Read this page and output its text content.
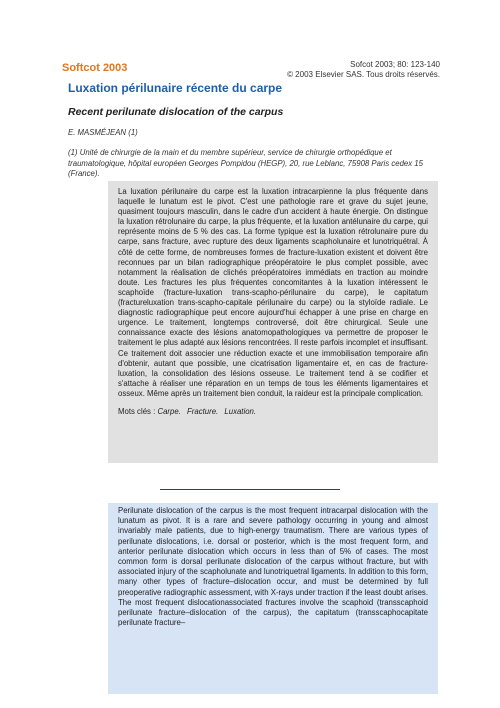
Softcot 2003	Sofcot 2003; 80: 123-140
© 2003 Elsevier SAS. Tous droits réservés.
Luxation périlunaire récente du carpe
Recent perilunate dislocation of the carpus
E. MASMÉJEAN (1)
(1) Unité de chirurgie de la main et du membre supérieur, service de chirurgie orthopédique et traumatologique, hôpital européen Georges Pompidou (HEGP), 20, rue Leblanc, 75908 Paris cedex 15 (France).

La luxation périlunaire du carpe est la luxation intracarpienne la plus fréquente dans laquelle le lunatum est le pivot. C'est une pathologie rare et grave du sujet jeune, quasiment toujours masculin, dans le cadre d'un accident à haute énergie. On distingue la luxation rétrolunaire du carpe, la plus fréquente, et la luxation antélunaire du carpe, qui représente moins de 5 % des cas. La forme typique est la luxation rétrolunaire pure du carpe, sans fracture, avec rupture des deux ligaments scapholunaire et lunotriquétral. À côté de cette forme, de nombreuses formes de fracture-luxation existent et doivent être reconnues par un bilan radiographique préopératoire le plus complet possible, avec notamment la réalisation de clichés préopératoires immédiats en traction au moindre doute. Les fractures les plus fréquentes concomitantes à la luxation intéressent le scaphoïde (fracture-luxation trans-scapho-périlunaire du carpe), le capitatum (fractureluxation trans-scapho-capitale périlunaire du carpe) ou la styloïde radiale. Le diagnostic radiographique peut encore aujourd'hui échapper à une prise en charge en urgence. Le traitement, longtemps controversé, doit être chirurgical. Seule une connaissance exacte des lésions anatomopathologiques va permettre de proposer le traitement le plus adapté aux lésions rencontrées. Il reste parfois incomplet et insuffisant. Ce traitement doit associer une réduction exacte et une immobilisation temporaire afin d'obtenir, autant que possible, une cicatrisation ligamentaire et, en cas de fracture-luxation, la consolidation des lésions osseuse. Le traitement tend à se codifier et s'attache à réaliser une réparation en un temps de tous les éléments ligamentaires et osseux. Même après un traitement bien conduit, la raideur est la principale complication.

Mots clés : Carpe. Fracture. Luxation.

Perilunate dislocation of the carpus is the most frequent intracarpal dislocation with the lunatum as pivot. It is a rare and severe pathology occurring in young and almost invariably male patients, due to high-energy traumatism. There are various types of perilunate dislocations, i.e. dorsal or posterior, which is the most frequent form, and anterior perilunate dislocation which occurs in less than of 5% of cases. The most common form is dorsal perilunate dislocation of the carpus without fracture, but with associated injury of the scapholunate and lunotriquetral ligaments. In addition to this form, many other types of fracture–dislocation occur, and must be determined by full preoperative radiographic assessment, with X-rays under traction if the least doubt arises. The most frequent dislocationassociated fractures involve the scaphoid (transscaphoid perilunate fracture–dislocation of the carpus), the capitatum (transscaphocapitate perilunate fracture–
